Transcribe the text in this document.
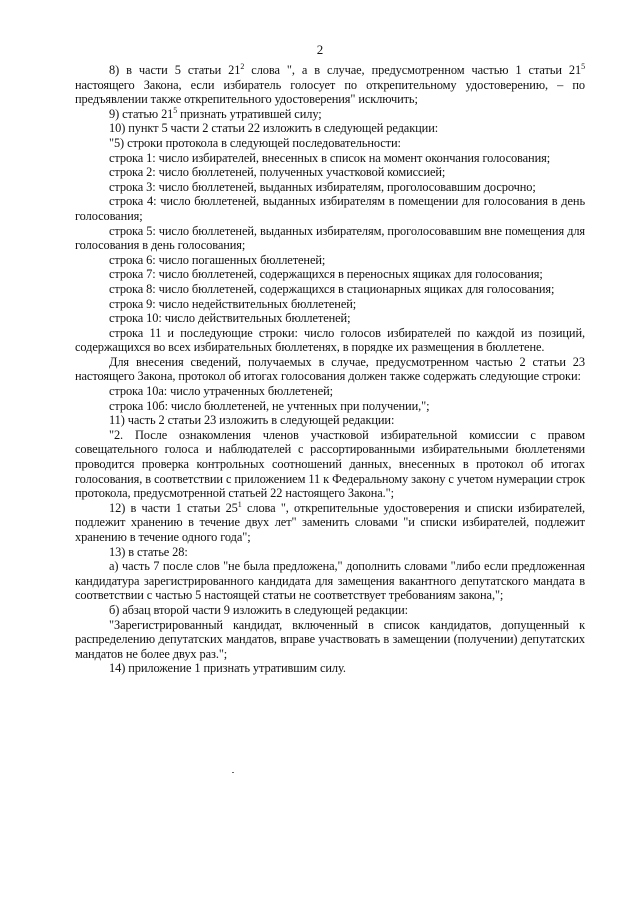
2

8) в части 5 статьи $21^2$ слова ", а в случае, предусмотренном частью 1 статьи $21^5$ настоящего Закона, если избиратель голосует по открепительному удостоверению, – по предъявлении также открепительного удостоверения" исключить;

9) статью $21^5$ признать утратившей силу;

10) пункт 5 части 2 статьи 22 изложить в следующей редакции:

"5) строки протокола в следующей последовательности:

строка 1: число избирателей, внесенных в список на момент окончания голосования;

строка 2: число бюллетеней, полученных участковой комиссией;

строка 3: число бюллетеней, выданных избирателям, проголосовавшим досрочно;

строка 4: число бюллетеней, выданных избирателям в помещении для голосования в день голосования;

строка 5: число бюллетеней, выданных избирателям, проголосовавшим вне помещения для голосования в день голосования;

строка 6: число погашенных бюллетеней;

строка 7: число бюллетеней, содержащихся в переносных ящиках для голосования;

строка 8: число бюллетеней, содержащихся в стационарных ящиках для голосования;

строка 9: число недействительных бюллетеней;

строка 10: число действительных бюллетеней;

строка 11 и последующие строки: число голосов избирателей по каждой из позиций, содержащихся во всех избирательных бюллетенях, в порядке их размещения в бюллетене.

Для внесения сведений, получаемых в случае, предусмотренном частью 2 статьи 23 настоящего Закона, протокол об итогах голосования должен также содержать следующие строки:

строка 10а: число утраченных бюллетеней;

строка 10б: число бюллетеней, не учтенных при получении,";

11) часть 2 статьи 23 изложить в следующей редакции:

"2. После ознакомления членов участковой избирательной комиссии с правом совещательного голоса и наблюдателей с рассортированными избирательными бюллетенями проводится проверка контрольных соотношений данных, внесенных в протокол об итогах голосования, в соответствии с приложением 11 к Федеральному закону с учетом нумерации строк протокола, предусмотренной статьей 22 настоящего Закона.";

12) в части 1 статьи $25^1$ слова ", открепительные удостоверения и списки избирателей, подлежит хранению в течение двух лет" заменить словами "и списки избирателей, подлежит хранению в течение одного года";

13) в статье 28:

а) часть 7 после слов "не была предложена," дополнить словами "либо если предложенная кандидатура зарегистрированного кандидата для замещения вакантного депутатского мандата в соответствии с частью 5 настоящей статьи не соответствует требованиям закона,";

б) абзац второй части 9 изложить в следующей редакции:

"Зарегистрированный кандидат, включенный в список кандидатов, допущенный к распределению депутатских мандатов, вправе участвовать в замещении (получении) депутатских мандатов не более двух раз.";

14) приложение 1 признать утратившим силу.
